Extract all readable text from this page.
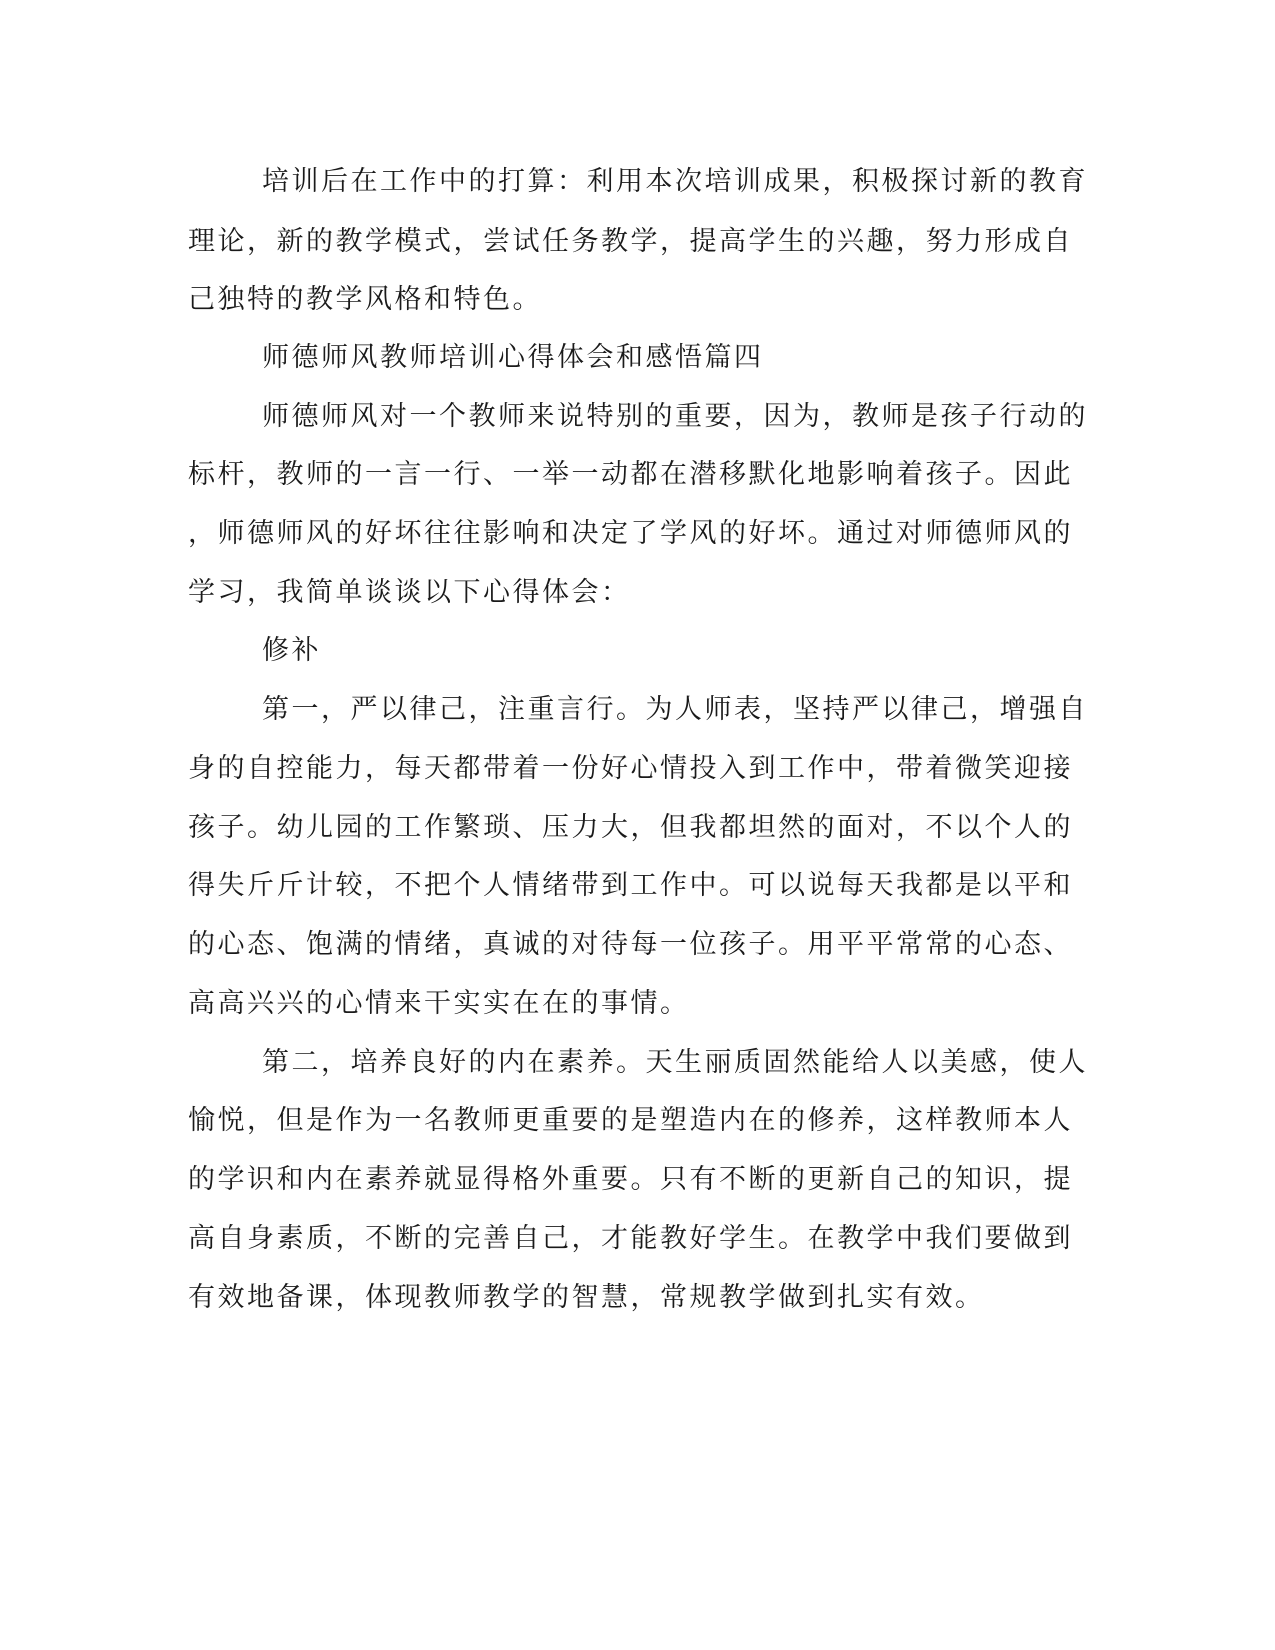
培训后在工作中的打算：利用本次培训成果，积极探讨新的教育
理论，新的教学模式，尝试任务教学，提高学生的兴趣，努力形成自
己独特的教学风格和特色。
师德师风教师培训心得体会和感悟篇四
师德师风对一个教师来说特别的重要，因为，教师是孩子行动的
标杆，教师的一言一行、一举一动都在潜移默化地影响着孩子。因此
，师德师风的好坏往往影响和决定了学风的好坏。通过对师德师风的
学习，我简单谈谈以下心得体会：
修补
第一，严以律己，注重言行。为人师表，坚持严以律己，增强自
身的自控能力，每天都带着一份好心情投入到工作中，带着微笑迎接
孩子。幼儿园的工作繁琐、压力大，但我都坦然的面对，不以个人的
得失斤斤计较，不把个人情绪带到工作中。可以说每天我都是以平和
的心态、饱满的情绪，真诚的对待每一位孩子。用平平常常的心态、
高高兴兴的心情来干实实在在的事情。
第二，培养良好的内在素养。天生丽质固然能给人以美感，使人
愉悦，但是作为一名教师更重要的是塑造内在的修养，这样教师本人
的学识和内在素养就显得格外重要。只有不断的更新自己的知识，提
高自身素质，不断的完善自己，才能教好学生。在教学中我们要做到
有效地备课，体现教师教学的智慧，常规教学做到扎实有效。
